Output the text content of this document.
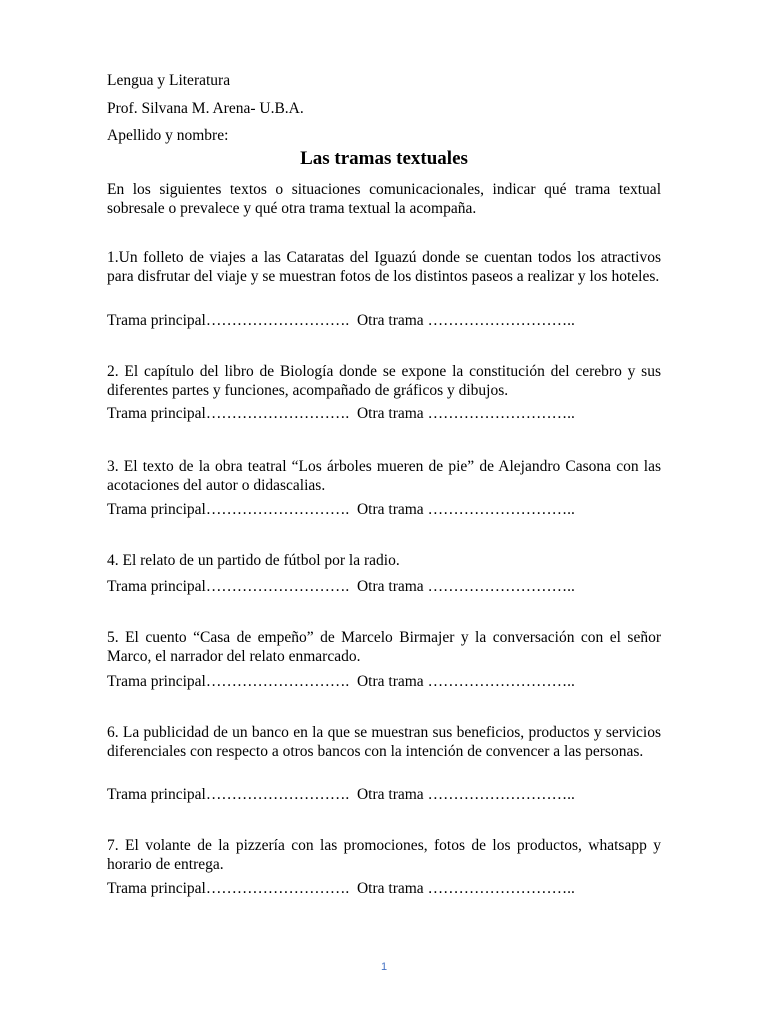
Lengua y Literatura
Prof. Silvana M. Arena- U.B.A.
Apellido y nombre:
Las tramas textuales
En los siguientes textos o situaciones comunicacionales, indicar qué trama textual sobresale o prevalece y qué otra trama textual la acompaña.
1.Un folleto de viajes a las Cataratas del Iguazú donde se cuentan todos los atractivos para disfrutar del viaje y se muestran fotos de los distintos paseos a realizar y los hoteles.
Trama principal……………………….  Otra trama ………………………..
2. El capítulo del libro de Biología donde se expone la constitución del cerebro y sus diferentes partes y funciones, acompañado de gráficos y dibujos.
Trama principal……………………….  Otra trama ………………………..
3. El texto de la obra teatral “Los árboles mueren de pie” de Alejandro Casona con las acotaciones del autor o didascalias.
Trama principal……………………….  Otra trama ………………………..
4. El relato de un partido de fútbol por la radio.
Trama principal……………………….  Otra trama ………………………..
5. El cuento “Casa de empeño” de Marcelo Birmajer y la conversación con el señor Marco, el narrador del relato enmarcado.
Trama principal……………………….  Otra trama ………………………..
6. La publicidad de un banco en la que se muestran sus beneficios, productos y servicios diferenciales con respecto a otros bancos con la intención de convencer a las personas.
Trama principal……………………….  Otra trama ………………………..
7. El volante de la pizzería con las promociones, fotos de los productos, whatsapp y horario de entrega.
Trama principal……………………….  Otra trama ………………………..
1
